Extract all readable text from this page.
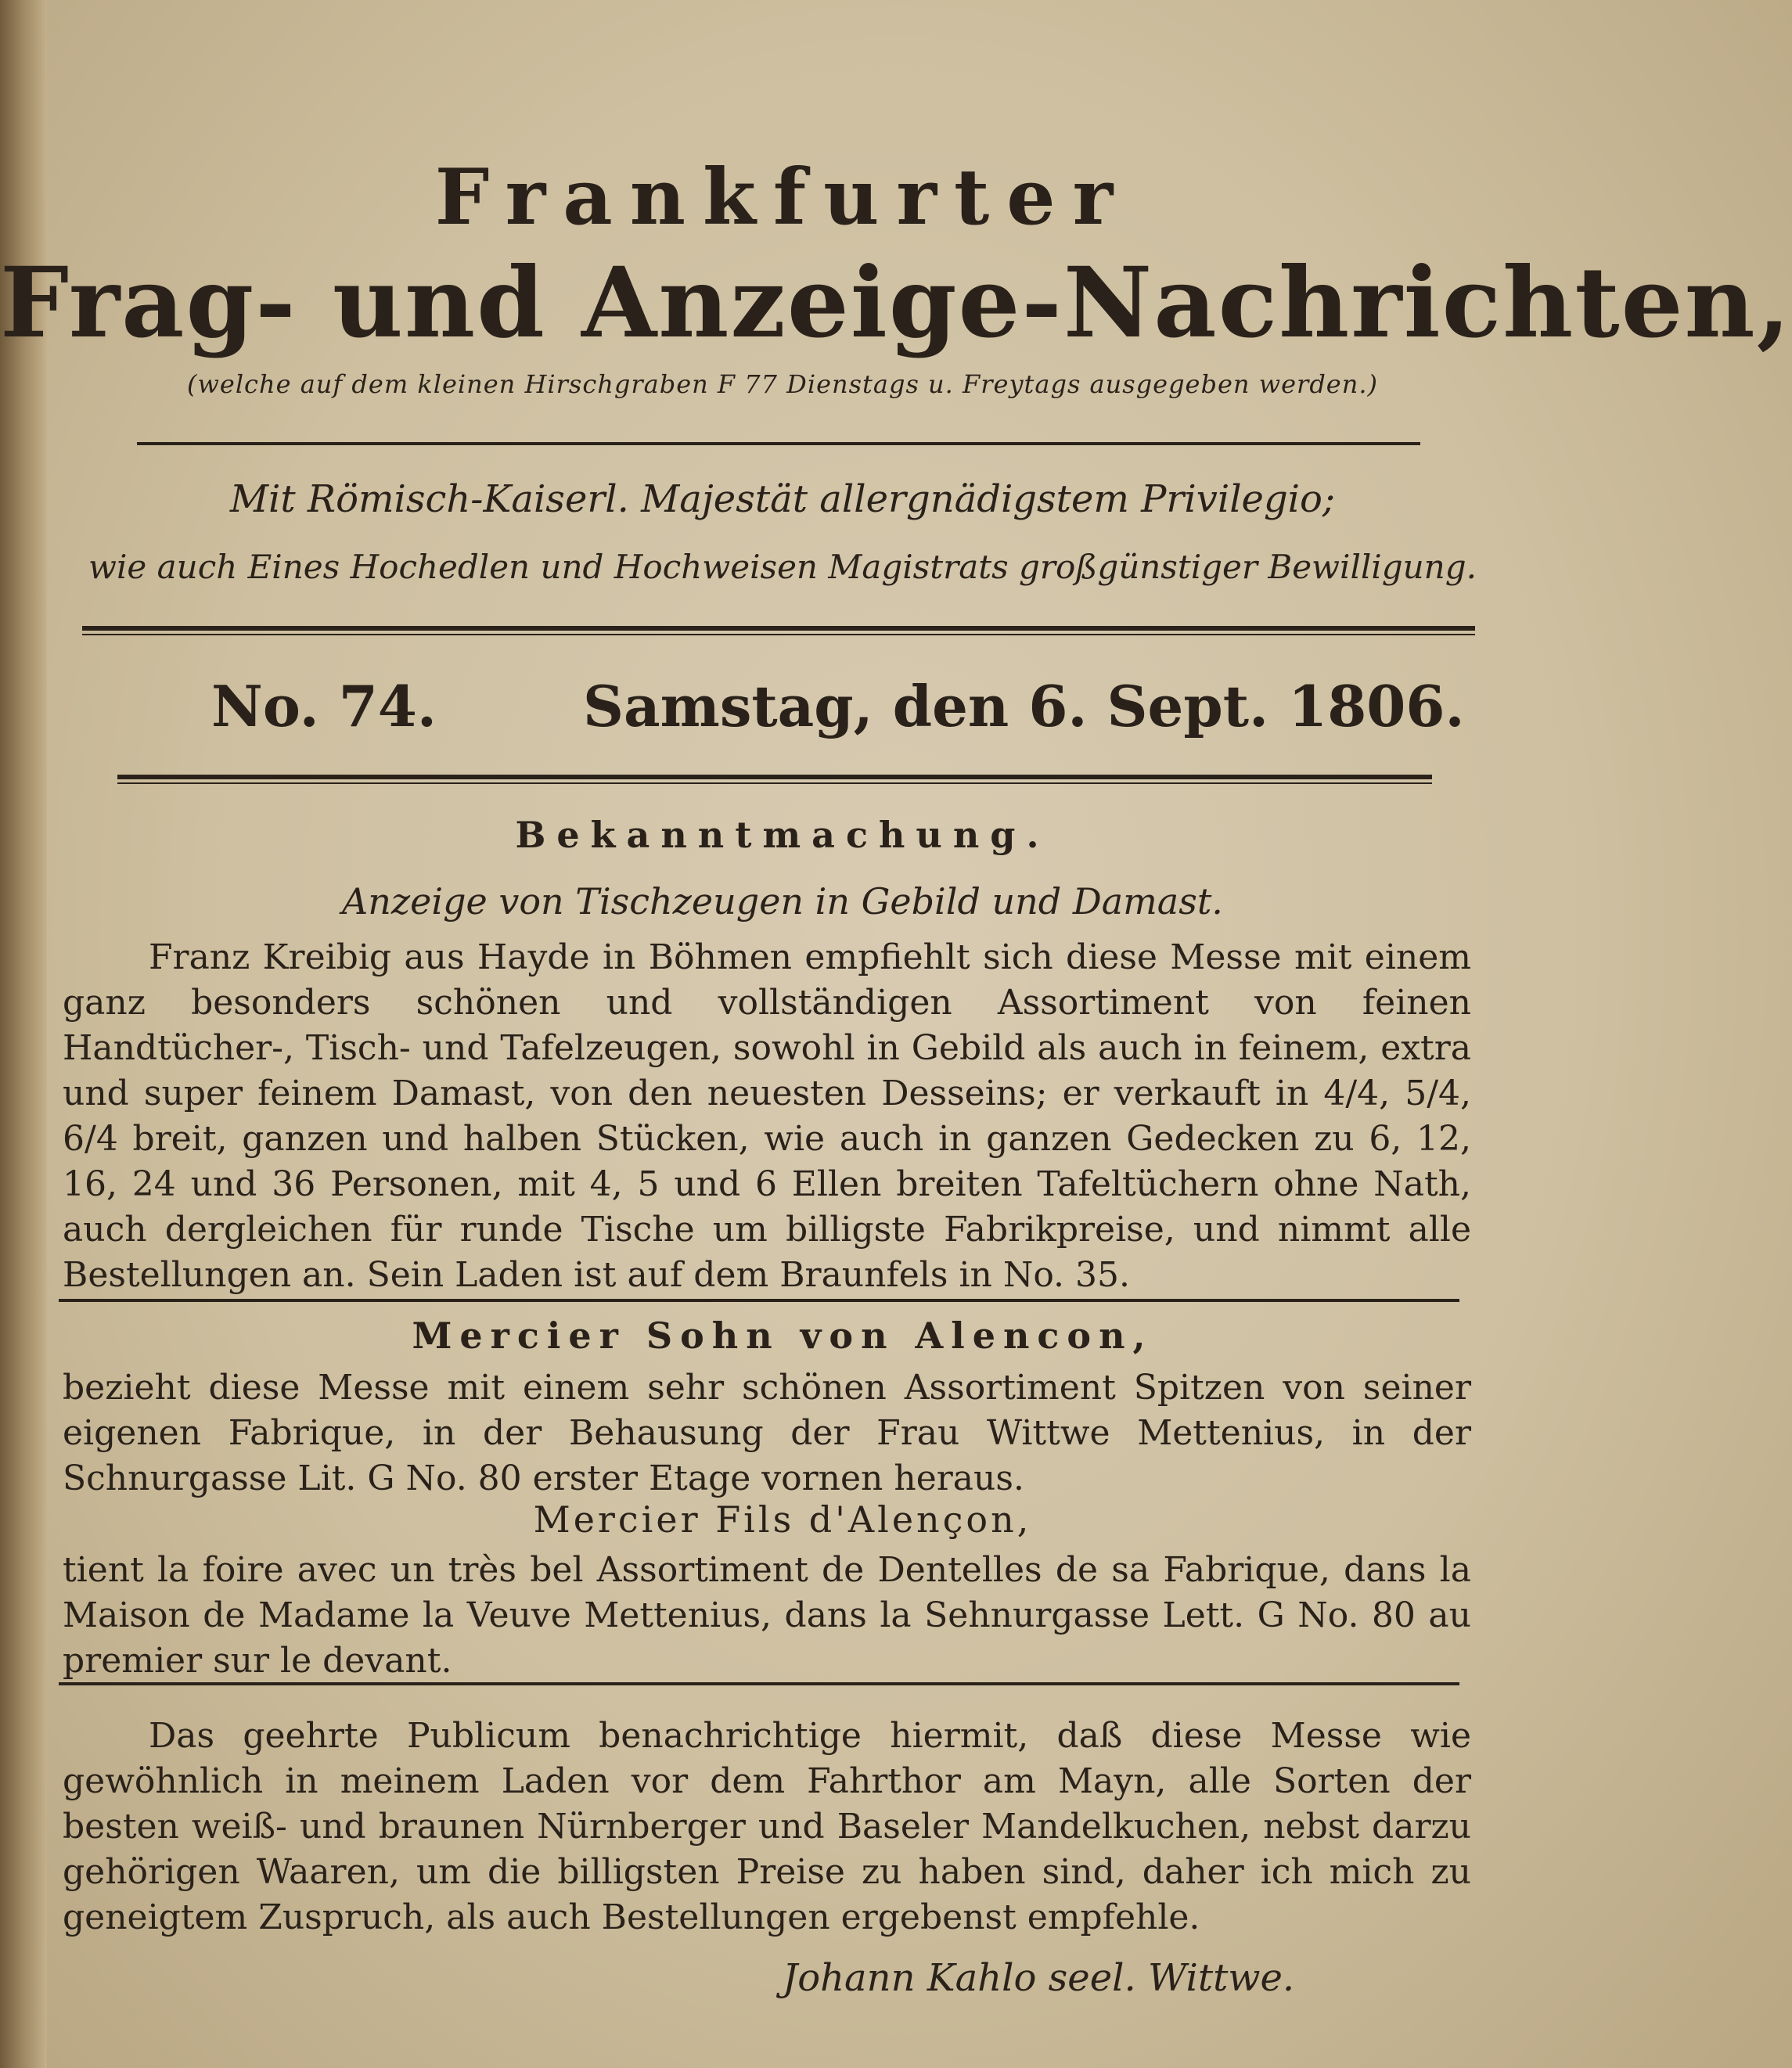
Frankfurter
Frag- und Anzeige-Nachrichten,
(welche auf dem kleinen Hirschgraben F 77 Dienstags u. Freytags ausgegeben werden.)
Mit Römisch-Kaiserl. Majestät allergnädigstem Privilegio;
wie auch Eines Hochedlen und Hochweisen Magistrats großgünstiger Bewilligung.
No. 74.	Samstag, den 6. Sept. 1806.
Bekanntmachung.
Anzeige von Tischzeugen in Gebild und Damast.
Franz Kreibig aus Hayde in Böhmen empfiehlt sich diese Messe mit einem ganz besonders schönen und vollständigen Assortiment von feinen Handtücher-, Tisch- und Tafelzeugen, sowohl in Gebild als auch in feinem, extra und super feinem Damast, von den neuesten Desseins; er verkauft in 4/4, 5/4, 6/4 breit, ganzen und halben Stücken, wie auch in ganzen Gedecken zu 6, 12, 16, 24 und 36 Personen, mit 4, 5 und 6 Ellen breiten Tafeltüchern ohne Nath, auch dergleichen für runde Tische um billigste Fabrikpreise, und nimmt alle Bestellungen an. Sein Laden ist auf dem Braunfels in No. 35.
Mercier Sohn von Alencon,
bezieht diese Messe mit einem sehr schönen Assortiment Spitzen von seiner eigenen Fabrique, in der Behausung der Frau Wittwe Mettenius, in der Schnurgasse Lit. G No. 80 erster Etage vornen heraus.
Mercier Fils d'Alençon,
tient la foire avec un très bel Assortiment de Dentelles de sa Fabrique, dans la Maison de Madame la Veuve Mettenius, dans la Sehnurgasse Lett. G No. 80 au premier sur le devant.
Das geehrte Publicum benachrichtige hiermit, daß diese Messe wie gewöhnlich in meinem Laden vor dem Fahrthor am Mayn, alle Sorten der besten weiß- und braunen Nürnberger und Baseler Mandelkuchen, nebst darzu gehörigen Waaren, um die billigsten Preise zu haben sind, daher ich mich zu geneigtem Zuspruch, als auch Bestellungen ergebenst empfehle.
Johann Kahlo seel. Wittwe.
